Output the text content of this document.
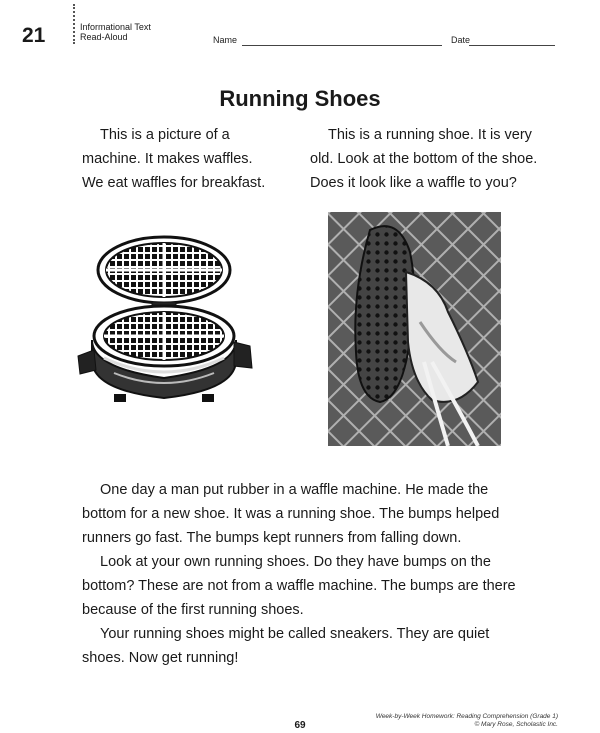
21	Informational Text
Read-Aloud	Name	Date
Running Shoes
This is a picture of a
machine. It makes waffles.
We eat waffles for breakfast.
This is a running shoe. It is very
old. Look at the bottom of the shoe.
Does it look like a waffle to you?
One day a man put rubber in a waffle machine. He made the
bottom for a new shoe. It was a running shoe. The bumps helped
runners go fast. The bumps kept runners from falling down.
Look at your own running shoes. Do they have bumps on the
bottom? These are not from a waffle machine. The bumps are there
because of the first running shoes.
Your running shoes might be called sneakers. They are quiet
shoes. Now get running!
69
Week-by-Week Homework: Reading Comprehension (Grade 1)
© Mary Rose, Scholastic Inc.
